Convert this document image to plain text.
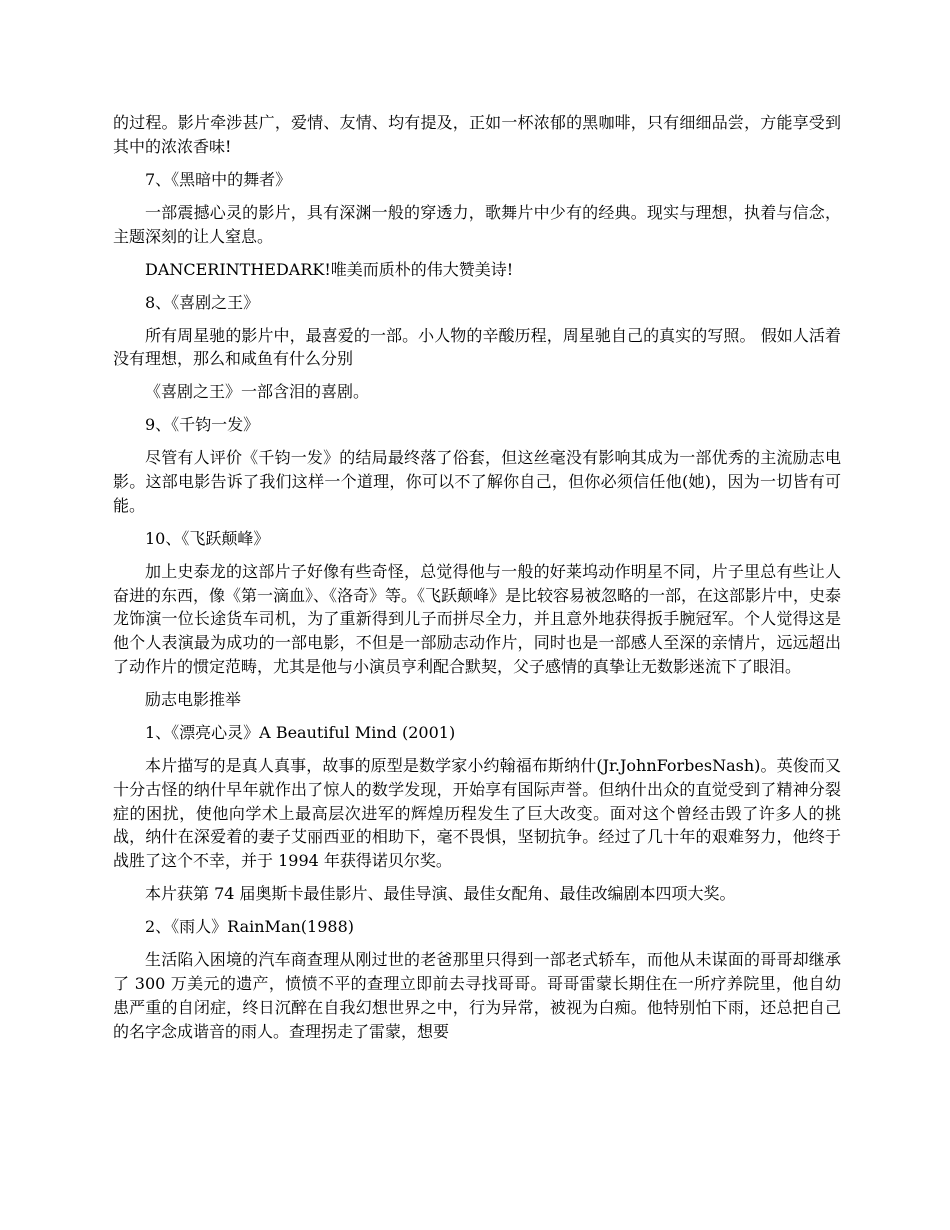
的过程。影片牵涉甚广，爱情、友情、均有提及，正如一杯浓郁的黑咖啡，只有细细品尝，方能享受到其中的浓浓香味!

7、《黑暗中的舞者》

一部震撼心灵的影片，具有深渊一般的穿透力，歌舞片中少有的经典。现实与理想，执着与信念，主题深刻的让人窒息。

DANCERINTHEDARK!唯美而质朴的伟大赞美诗!

8、《喜剧之王》

所有周星驰的影片中，最喜爱的一部。小人物的辛酸历程，周星驰自己的真实的写照。 假如人活着没有理想，那么和咸鱼有什么分别

《喜剧之王》一部含泪的喜剧。

9、《千钧一发》

尽管有人评价《千钧一发》的结局最终落了俗套，但这丝毫没有影响其成为一部优秀的主流励志电影。这部电影告诉了我们这样一个道理，你可以不了解你自己，但你必须信任他(她)，因为一切皆有可能。

10、《飞跃颠峰》

加上史泰龙的这部片子好像有些奇怪，总觉得他与一般的好莱坞动作明星不同，片子里总有些让人奋进的东西，像《第一滴血》、《洛奇》等。《飞跃颠峰》是比较容易被忽略的一部，在这部影片中，史泰龙饰演一位长途货车司机，为了重新得到儿子而拼尽全力，并且意外地获得扳手腕冠军。个人觉得这是他个人表演最为成功的一部电影，不但是一部励志动作片，同时也是一部感人至深的亲情片，远远超出了动作片的惯定范畴，尤其是他与小演员亨利配合默契，父子感情的真挚让无数影迷流下了眼泪。

励志电影推举

1、《漂亮心灵》A Beautiful Mind (2001)

本片描写的是真人真事，故事的原型是数学家小约翰福布斯纳什(Jr.JohnForbesNash)。英俊而又十分古怪的纳什早年就作出了惊人的数学发现，开始享有国际声誉。但纳什出众的直觉受到了精神分裂症的困扰，使他向学术上最高层次进军的辉煌历程发生了巨大改变。面对这个曾经击毁了许多人的挑战，纳什在深爱着的妻子艾丽西亚的相助下，毫不畏惧，坚韧抗争。经过了几十年的艰难努力，他终于战胜了这个不幸，并于 1994 年获得诺贝尔奖。

本片获第 74 届奥斯卡最佳影片、最佳导演、最佳女配角、最佳改编剧本四项大奖。

2、《雨人》RainMan(1988)

生活陷入困境的汽车商查理从刚过世的老爸那里只得到一部老式轿车，而他从未谋面的哥哥却继承了 300 万美元的遗产，愤愤不平的查理立即前去寻找哥哥。哥哥雷蒙长期住在一所疗养院里，他自幼患严重的自闭症，终日沉醉在自我幻想世界之中，行为异常，被视为白痴。他特别怕下雨，还总把自己的名字念成谐音的雨人。查理拐走了雷蒙，想要
